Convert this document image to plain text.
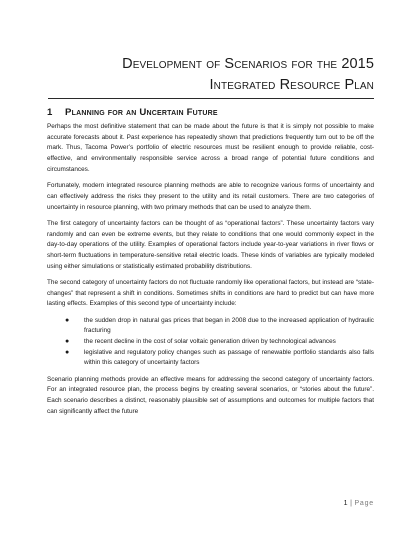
Development of Scenarios for the 2015
Integrated Resource Plan
1 Planning for an Uncertain Future

Perhaps the most definitive statement that can be made about the future is that it is simply not possible to make accurate forecasts about it. Past experience has repeatedly shown that predictions frequently turn out to be off the mark. Thus, Tacoma Power’s portfolio of electric resources must be resilient enough to provide reliable, cost-effective, and environmentally responsible service across a broad range of potential future conditions and circumstances.

Fortunately, modern integrated resource planning methods are able to recognize various forms of uncertainty and can effectively address the risks they present to the utility and its retail customers. There are two categories of uncertainty in resource planning, with two primary methods that can be used to analyze them.

The first category of uncertainty factors can be thought of as “operational factors”. These uncertainty factors vary randomly and can even be extreme events, but they relate to conditions that one would commonly expect in the day-to-day operations of the utility. Examples of operational factors include year-to-year variations in river flows or short-term fluctuations in temperature-sensitive retail electric loads. These kinds of variables are typically modeled using either simulations or statistically estimated probability distributions.

The second category of uncertainty factors do not fluctuate randomly like operational factors, but instead are “state-changes” that represent a shift in conditions. Sometimes shifts in conditions are hard to predict but can have more lasting effects. Examples of this second type of uncertainty include:

●	the sudden drop in natural gas prices that began in 2008 due to the increased application of hydraulic fracturing
●	the recent decline in the cost of solar voltaic generation driven by technological advances
●	legislative and regulatory policy changes such as passage of renewable portfolio standards also falls within this category of uncertainty factors

Scenario planning methods provide an effective means for addressing the second category of uncertainty factors. For an integrated resource plan, the process begins by creating several scenarios, or “stories about the future”. Each scenario describes a distinct, reasonably plausible set of assumptions and outcomes for multiple factors that can significantly affect the future

1 | Page
